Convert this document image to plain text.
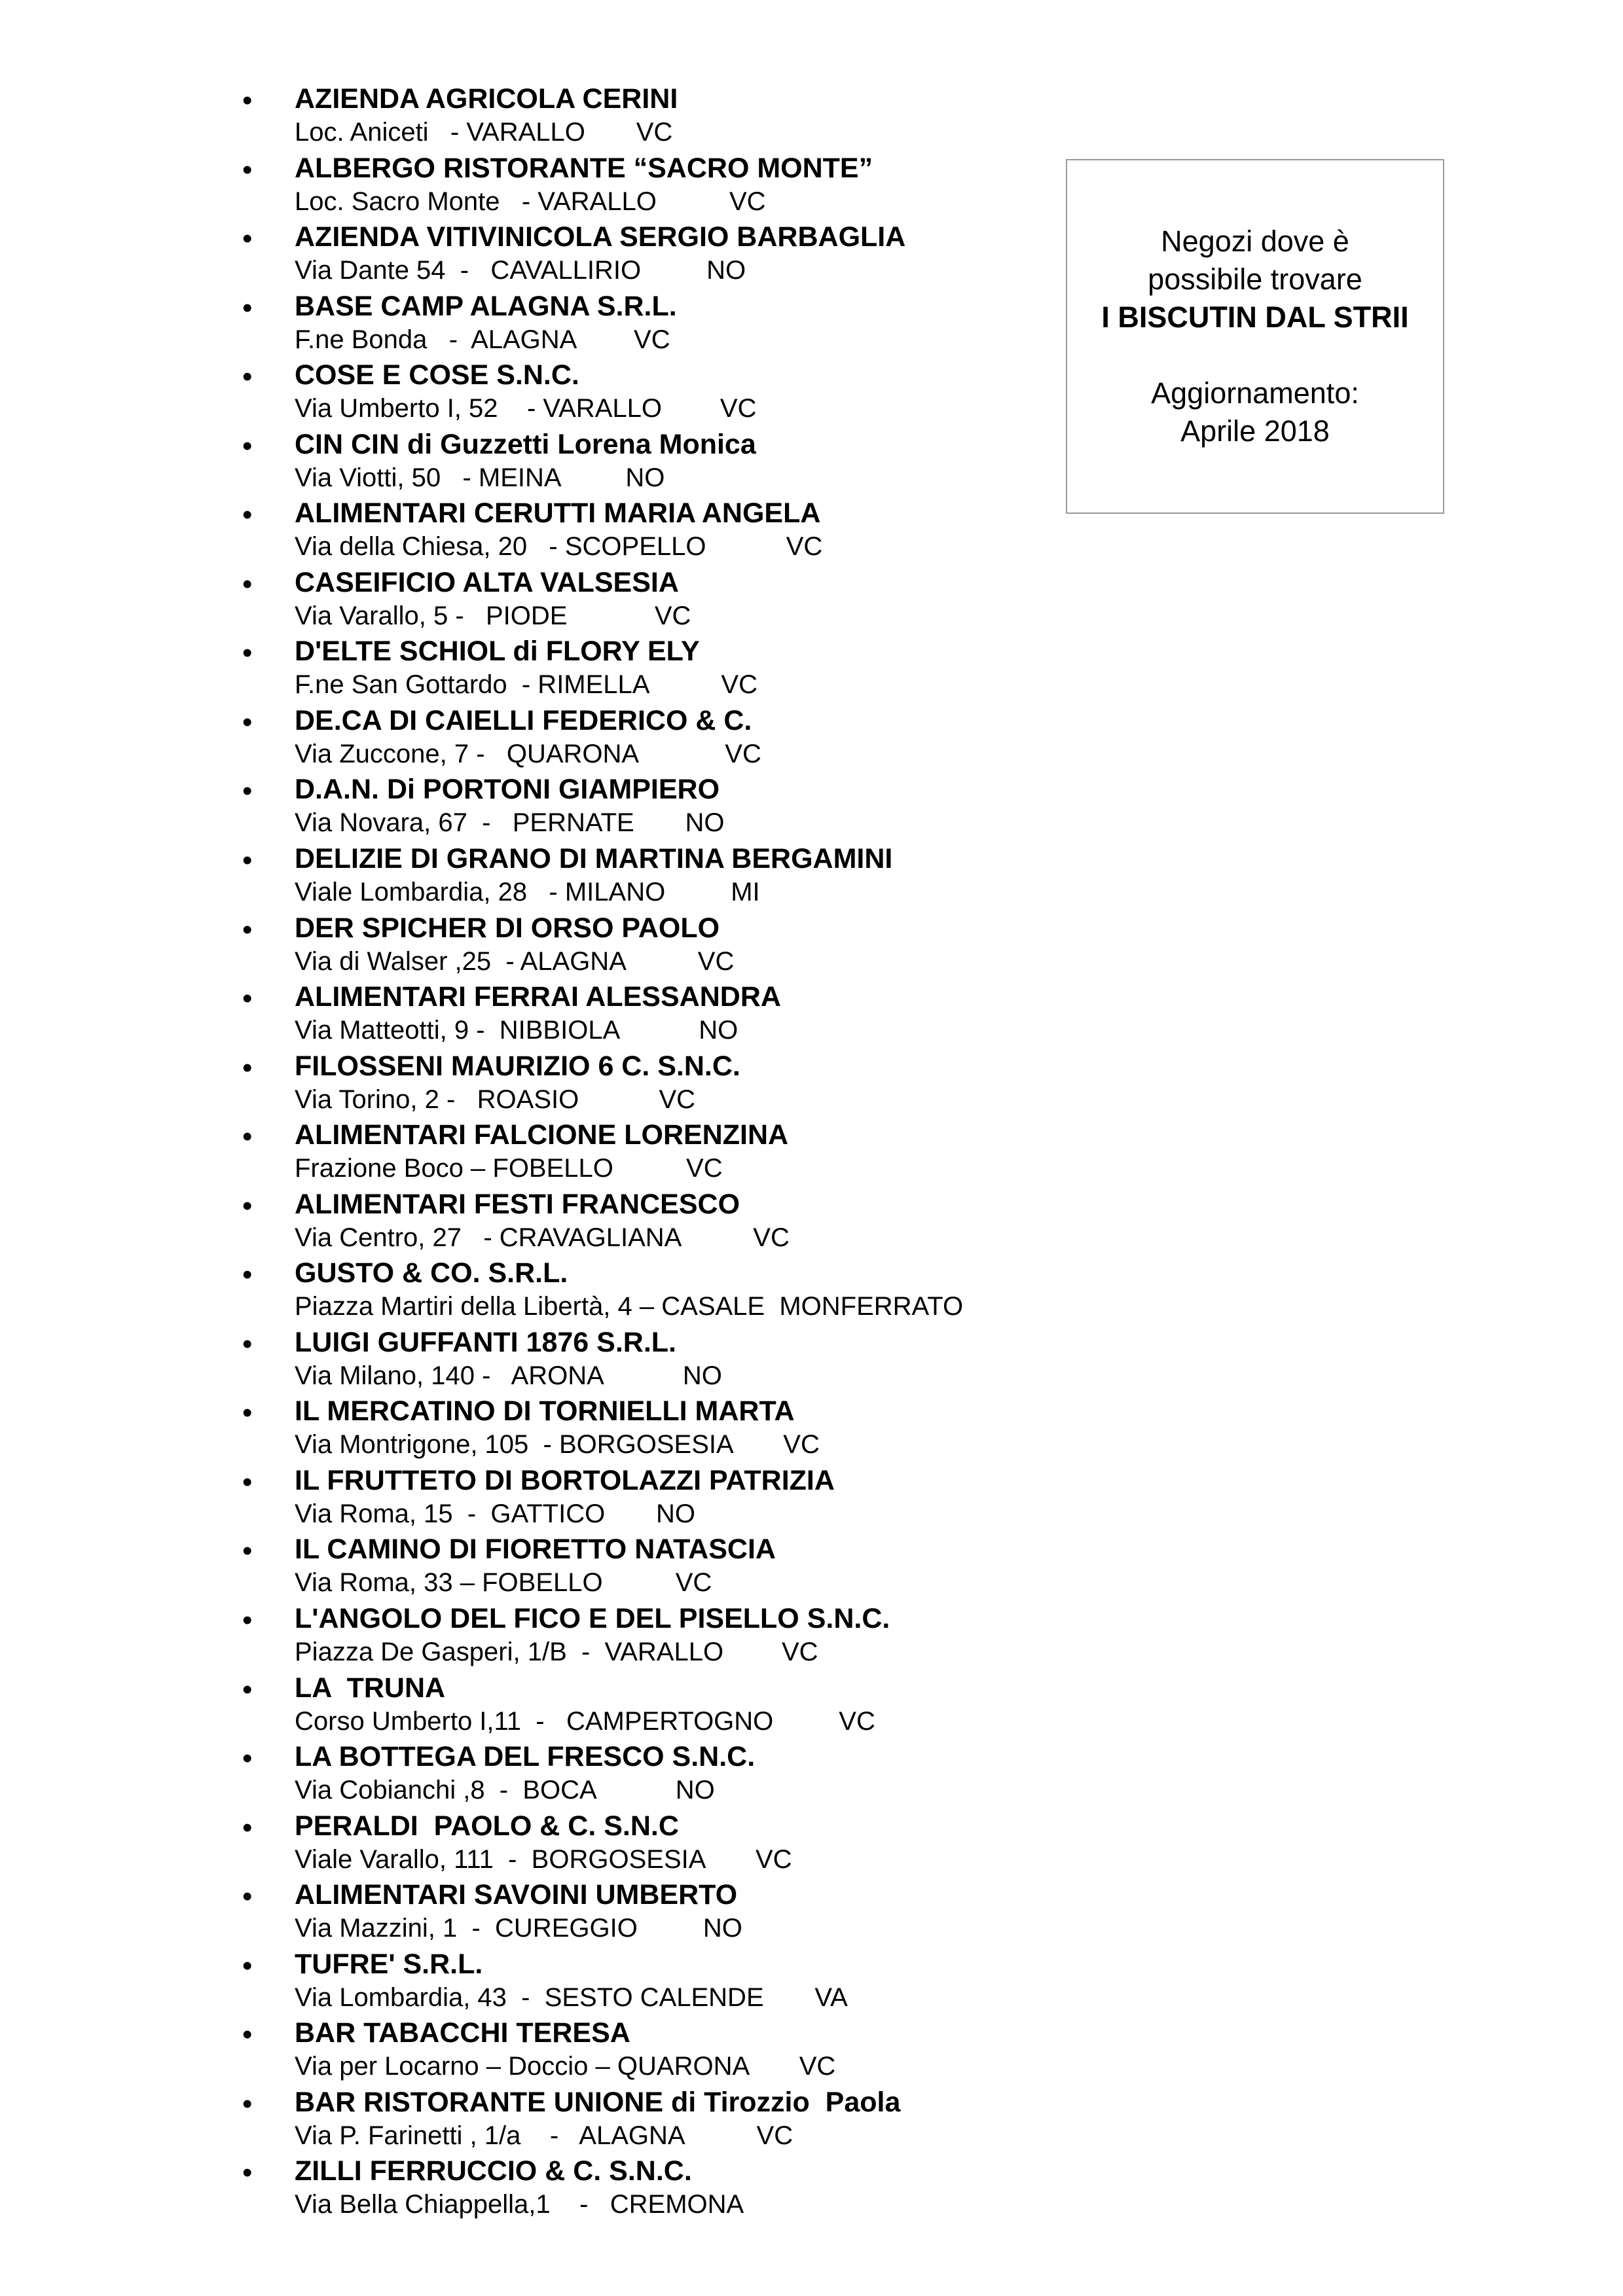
• AZIENDA AGRICOLA CERINI
Loc. Aniceti   - VARALLO       VC
• ALBERGO RISTORANTE “SACRO MONTE”
Loc. Sacro Monte   - VARALLO          VC
• AZIENDA VITIVINICOLA SERGIO BARBAGLIA
Via Dante 54  -   CAVALLIRIO         NO
• BASE CAMP ALAGNA S.R.L.
F.ne Bonda   -  ALAGNA        VC
• COSE E COSE S.N.C.
Via Umberto I, 52    - VARALLO        VC
• CIN CIN di Guzzetti Lorena Monica
Via Viotti, 50   - MEINA         NO
• ALIMENTARI CERUTTI MARIA ANGELA
Via della Chiesa, 20   - SCOPELLO           VC
• CASEIFICIO ALTA VALSESIA
Via Varallo, 5 -   PIODE            VC
• D'ELTE SCHIOL di FLORY ELY
F.ne San Gottardo  - RIMELLA          VC
• DE.CA DI CAIELLI FEDERICO & C.
Via Zuccone, 7 -   QUARONA            VC
• D.A.N. Di PORTONI GIAMPIERO
Via Novara, 67  -   PERNATE       NO
• DELIZIE DI GRANO DI MARTINA BERGAMINI
Viale Lombardia, 28   - MILANO         MI
• DER SPICHER DI ORSO PAOLO
Via di Walser ,25  - ALAGNA          VC
• ALIMENTARI FERRAI ALESSANDRA
Via Matteotti, 9 -  NIBBIOLA           NO
• FILOSSENI MAURIZIO 6 C. S.N.C.
Via Torino, 2 -   ROASIO           VC
• ALIMENTARI FALCIONE LORENZINA
Frazione Boco – FOBELLO          VC
• ALIMENTARI FESTI FRANCESCO
Via Centro, 27   - CRAVAGLIANA          VC
• GUSTO & CO. S.R.L.
Piazza Martiri della Libertà, 4 – CASALE  MONFERRATO
• LUIGI GUFFANTI 1876 S.R.L.
Via Milano, 140 -   ARONA           NO
• IL MERCATINO DI TORNIELLI MARTA
Via Montrigone, 105  - BORGOSESIA       VC
• IL FRUTTETO DI BORTOLAZZI PATRIZIA
Via Roma, 15  -  GATTICO       NO
• IL CAMINO DI FIORETTO NATASCIA
Via Roma, 33 – FOBELLO          VC
• L'ANGOLO DEL FICO E DEL PISELLO S.N.C.
Piazza De Gasperi, 1/B  -  VARALLO        VC
• LA  TRUNA
Corso Umberto I,11  -   CAMPERTOGNO         VC
• LA BOTTEGA DEL FRESCO S.N.C.
Via Cobianchi ,8  -  BOCA           NO
• PERALDI  PAOLO & C. S.N.C
Viale Varallo, 111  -  BORGOSESIA       VC
• ALIMENTARI SAVOINI UMBERTO
Via Mazzini, 1  -  CUREGGIO         NO
• TUFRE' S.R.L.
Via Lombardia, 43  -  SESTO CALENDE       VA
• BAR TABACCHI TERESA
Via per Locarno – Doccio – QUARONA       VC
• BAR RISTORANTE UNIONE di Tirozzio  Paola
Via P. Farinetti , 1/a    -   ALAGNA          VC
• ZILLI FERRUCCIO & C. S.N.C.
Via Bella Chiappella,1    -   CREMONA
Negozi dove è
possibile trovare
I BISCUTIN DAL STRII
Aggiornamento:
Aprile 2018
